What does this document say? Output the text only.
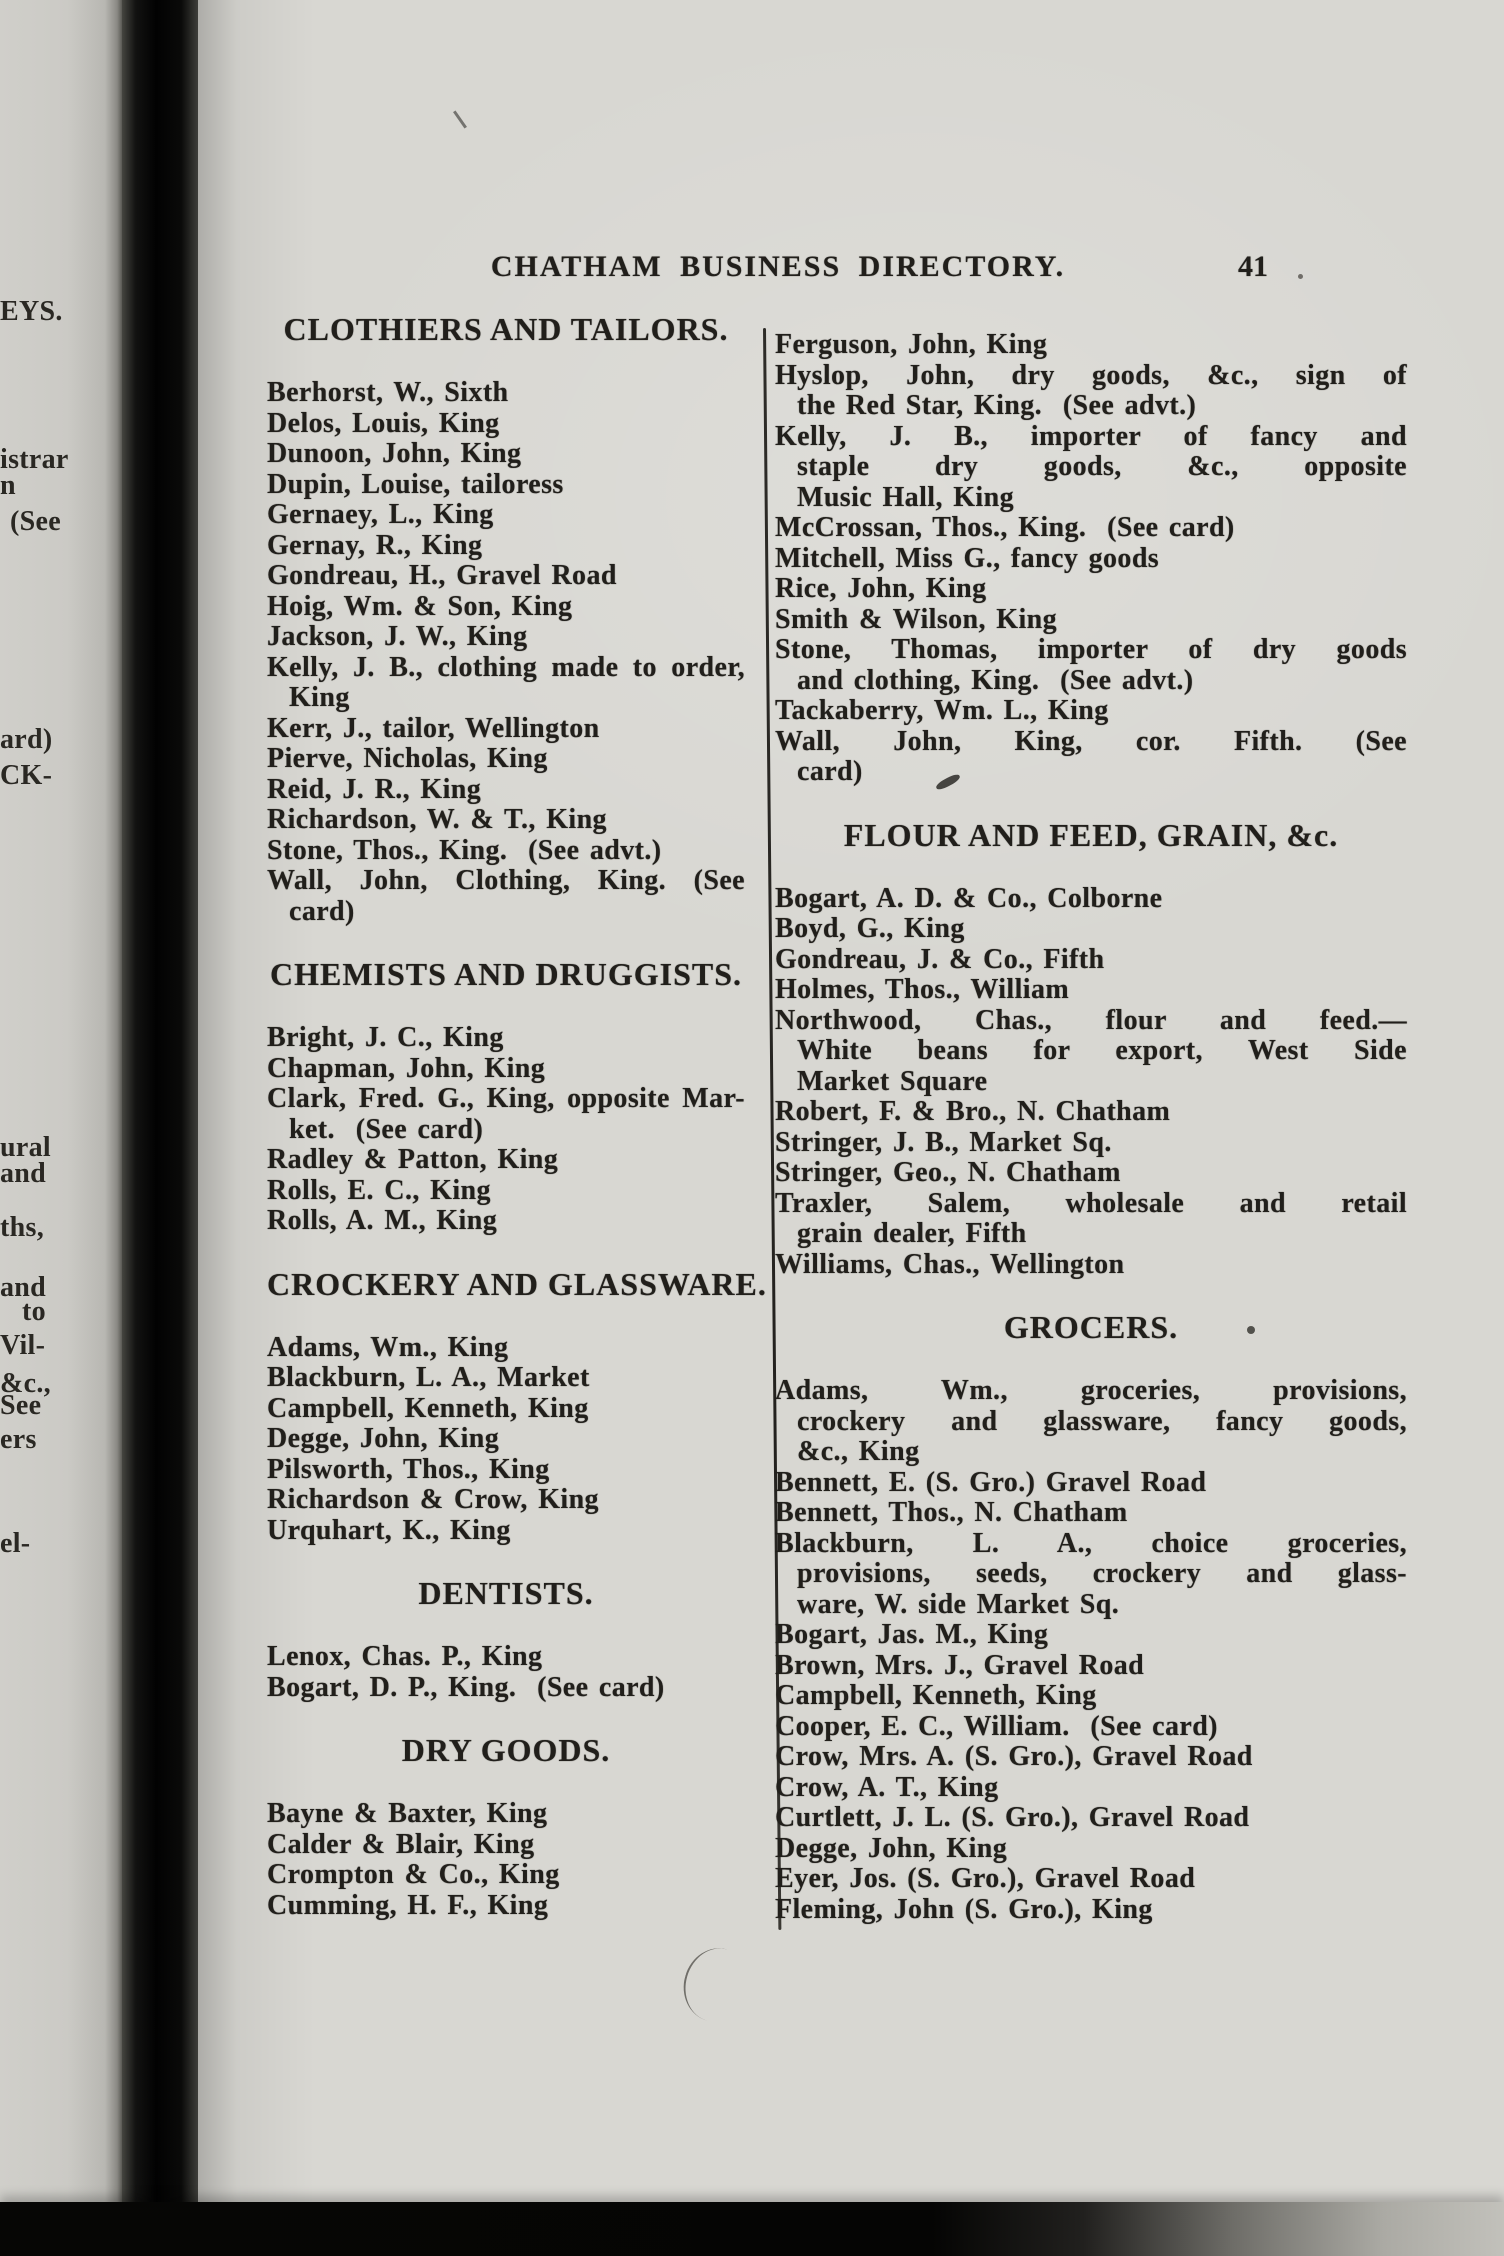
EYS.
istrar
n
(See
ard)
CK-
ural
and
ths,
and
to
Vil-
&c.,
See
ers
el-
CHATHAM BUSINESS DIRECTORY.	41
CLOTHIERS AND TAILORS.
Berhorst, W., Sixth
Delos, Louis, King
Dunoon, John, King
Dupin, Louise, tailoress
Gernaey, L., King
Gernay, R., King
Gondreau, H., Gravel Road
Hoig, Wm. & Son, King
Jackson, J. W., King
Kelly, J. B., clothing made to order,
King
Kerr, J., tailor, Wellington
Pierve, Nicholas, King
Reid, J. R., King
Richardson, W. & T., King
Stone, Thos., King.  (See advt.)
Wall, John, Clothing, King. (See
card)
CHEMISTS AND DRUGGISTS.
Bright, J. C., King
Chapman, John, King
Clark, Fred. G., King, opposite Mar-
ket.  (See card)
Radley & Patton, King
Rolls, E. C., King
Rolls, A. M., King
CROCKERY AND GLASSWARE.
Adams, Wm., King
Blackburn, L. A., Market
Campbell, Kenneth, King
Degge, John, King
Pilsworth, Thos., King
Richardson & Crow, King
Urquhart, K., King
DENTISTS.
Lenox, Chas. P., King
Bogart, D. P., King.  (See card)
DRY GOODS.
Bayne & Baxter, King
Calder & Blair, King
Crompton & Co., King
Cumming, H. F., King
Ferguson, John, King
Hyslop, John, dry goods, &c., sign of
the Red Star, King.  (See advt.)
Kelly, J. B., importer of fancy and
staple dry goods, &c., opposite
Music Hall, King
McCrossan, Thos., King.  (See card)
Mitchell, Miss G., fancy goods
Rice, John, King
Smith & Wilson, King
Stone, Thomas, importer of dry goods
and clothing, King.  (See advt.)
Tackaberry, Wm. L., King
Wall, John, King, cor. Fifth. (See
card)
FLOUR AND FEED, GRAIN, &c.
Bogart, A. D. & Co., Colborne
Boyd, G., King
Gondreau, J. & Co., Fifth
Holmes, Thos., William
Northwood, Chas., flour and feed.—
White beans for export, West Side
Market Square
Robert, F. & Bro., N. Chatham
Stringer, J. B., Market Sq.
Stringer, Geo., N. Chatham
Traxler, Salem, wholesale and retail
grain dealer, Fifth
Williams, Chas., Wellington
GROCERS.
Adams, Wm., groceries, provisions,
crockery and glassware, fancy goods,
&c., King
Bennett, E. (S. Gro.) Gravel Road
Bennett, Thos., N. Chatham
Blackburn, L. A., choice groceries,
provisions, seeds, crockery and glass-
ware, W. side Market Sq.
Bogart, Jas. M., King
Brown, Mrs. J., Gravel Road
Campbell, Kenneth, King
Cooper, E. C., William.  (See card)
Crow, Mrs. A. (S. Gro.), Gravel Road
Crow, A. T., King
Curtlett, J. L. (S. Gro.), Gravel Road
Degge, John, King
Eyer, Jos. (S. Gro.), Gravel Road
Fleming, John (S. Gro.), King
